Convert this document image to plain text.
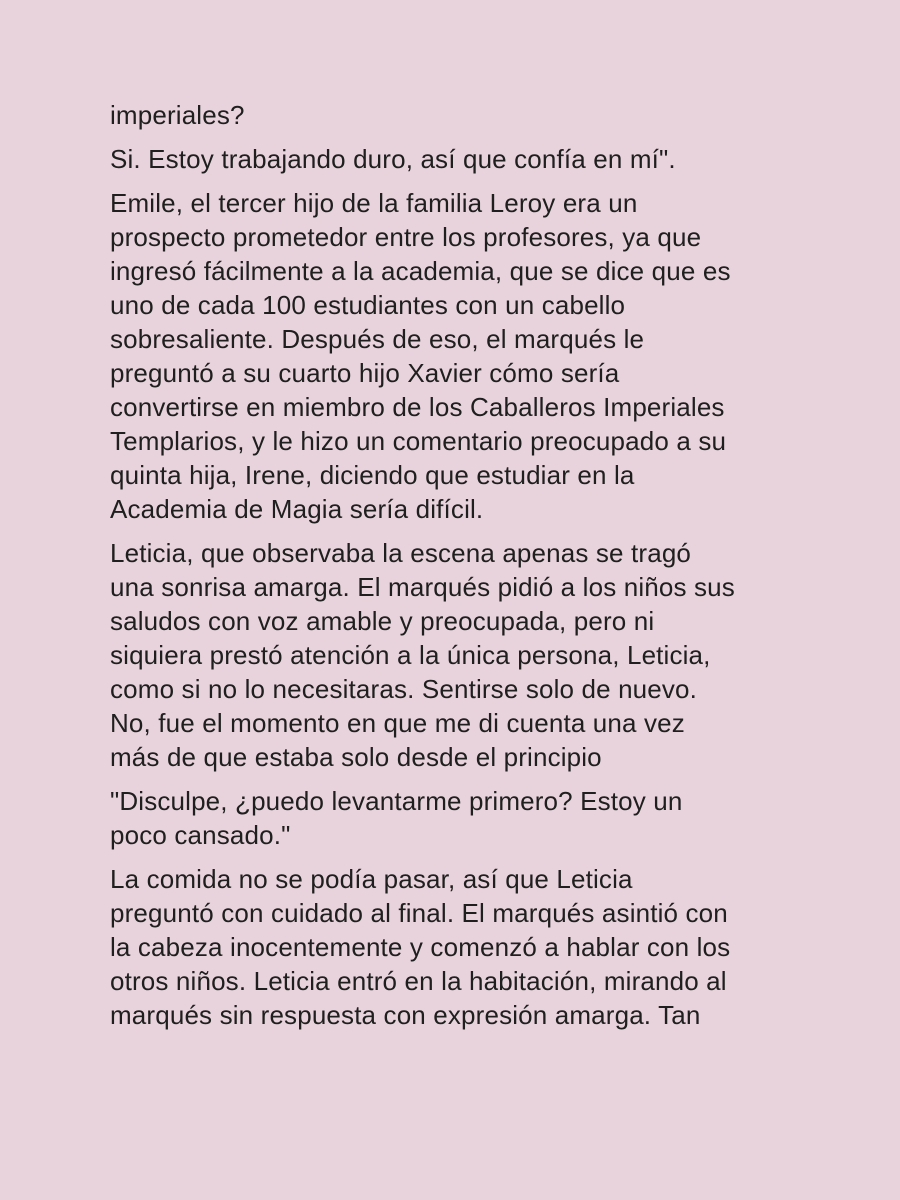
imperiales?

Si. Estoy trabajando duro, así que confía en mí".

Emile, el tercer hijo de la familia Leroy era un
prospecto prometedor entre los profesores, ya que
ingresó fácilmente a la academia, que se dice que es
uno de cada 100 estudiantes con un cabello
sobresaliente. Después de eso, el marqués le
preguntó a su cuarto hijo Xavier cómo sería
convertirse en miembro de los Caballeros Imperiales
Templarios, y le hizo un comentario preocupado a su
quinta hija, Irene, diciendo que estudiar en la
Academia de Magia sería difícil.

Leticia, que observaba la escena apenas se tragó
una sonrisa amarga. El marqués pidió a los niños sus
saludos con voz amable y preocupada, pero ni
siquiera prestó atención a la única persona, Leticia,
como si no lo necesitaras. Sentirse solo de nuevo.
No, fue el momento en que me di cuenta una vez
más de que estaba solo desde el principio

"Disculpe, ¿puedo levantarme primero? Estoy un
poco cansado."

La comida no se podía pasar, así que Leticia
preguntó con cuidado al final. El marqués asintió con
la cabeza inocentemente y comenzó a hablar con los
otros niños. Leticia entró en la habitación, mirando al
marqués sin respuesta con expresión amarga. Tan
